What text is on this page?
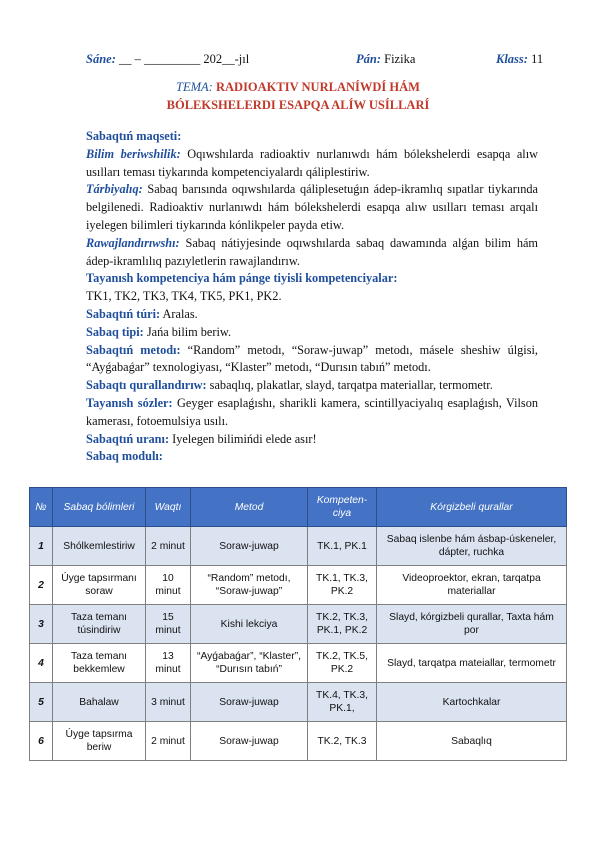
Sáne: __ – _________ 202__-jıl	Pán: Fizika	Klass: 11
TEMA: RADIOAKTIV NURLANÍWDÍ HÁM
BÓLEKSHELERDI ESAPQA ALÍW USÍLLARÍ

Sabaqtıń maqseti:

Bilim beriwshilik: Oqıwshılarda radioaktiv nurlanıwdı hám bólekshelerdi esapqa alıw usılları teması tiykarında kompetenciyalardı qáliplestiriw.

Tárbiyalıq: Sabaq barısında oqıwshılarda qáliplesetuǵın ádep-ikramlıq sıpatlar tiykarında belgilenedi. Radioaktiv nurlanıwdı hám bólekshelerdi esapqa alıw usılları teması arqalı iyelegen bilimleri tiykarında kónlikpeler payda etiw.

Rawajlandırıwshı: Sabaq nátiyjesinde oqıwshılarda sabaq dawamında alǵan bilim hám ádep-ikramlılıq pazıyletlerin rawajlandırıw.

Tayanısh kompetenciya hám pánge tiyisli kompetenciyalar:

TK1, TK2, TK3, TK4, TK5, PK1, PK2.

Sabaqtıń túri: Aralas.

Sabaq tipi: Jańa bilim beriw.

Sabaqtıń metodı: “Random” metodı, “Soraw-juwap” metodı, másele sheshiw úlgisi, “Ayǵabaǵar” texnologiyası, “Klaster” metodı, “Durısın tabıń” metodı.

Sabaqtı qurallandırıw: sabaqlıq, plakatlar, slayd, tarqatpa materiallar, termometr.

Tayanısh sózler: Geyger esaplaǵıshı, sharikli kamera, scintillyaciyalıq esaplaǵısh, Vilson kamerası, fotoemulsiya usılı.

Sabaqtıń uranı: Iyelegen bilimińdi elede asır!

Sabaq modulı:

№	Sabaq bólimleri	Waqtı	Metod	Kompeten-ciya	Kórgizbeli qurallar
1	Shólkemlestiriw	2 minut	Soraw-juwap	TK.1, PK.1	Sabaq islenbe hám ásbap-úskeneler, dápter, ruchka
2	Úyge tapsırmanı soraw	10 minut	“Random” metodı, “Soraw-juwap”	TK.1, TK.3, PK.2	Videoproektor, ekran, tarqatpa materiallar
3	Taza temanı túsindiriw	15 minut	Kishi lekciya	TK.2, TK.3, PK.1, PK.2	Slayd, kórgizbeli qurallar, Taxta hám por
4	Taza temanı bekkemlew	13 minut	“Ayǵabaǵar”, “Klaster”, “Durısın tabıń”	TK.2, TK.5, PK.2	Slayd, tarqatpa mateiallar, termometr
5	Bahalaw	3 minut	Soraw-juwap	TK.4, TK.3, PK.1,	Kartochkalar
6	Úyge tapsırma beriw	2 minut	Soraw-juwap	TK.2, TK.3	Sabaqlıq
